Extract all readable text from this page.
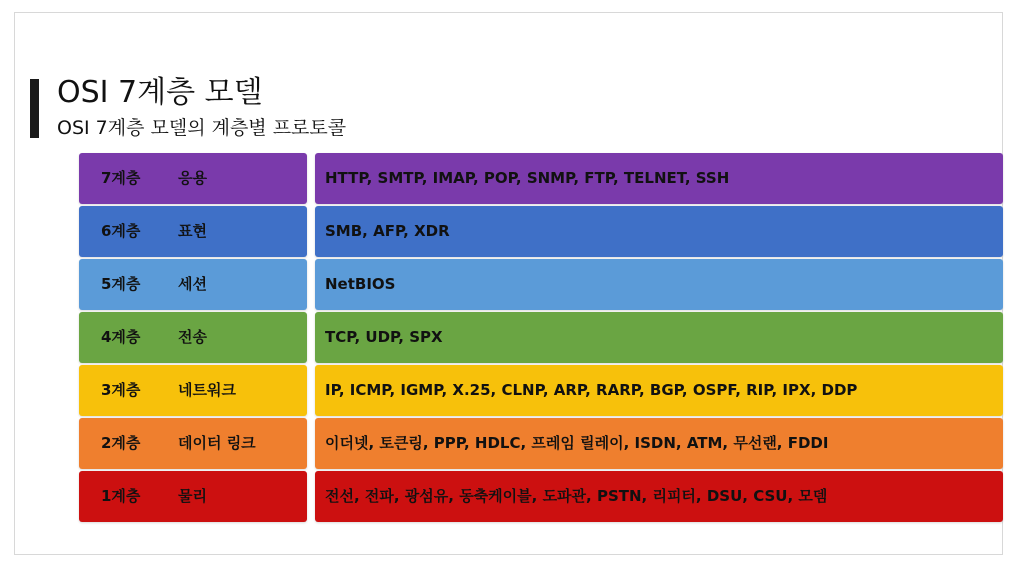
OSI 7계층 모델
OSI 7계층 모델의 계층별 프로토콜
7계층	응용	HTTP, SMTP, IMAP, POP, SNMP, FTP, TELNET, SSH
6계층	표현	SMB, AFP, XDR
5계층	세션	NetBIOS
4계층	전송	TCP, UDP, SPX
3계층	네트워크	IP, ICMP, IGMP, X.25, CLNP, ARP, RARP, BGP, OSPF, RIP, IPX, DDP
2계층	데이터 링크	이더넷, 토큰링, PPP, HDLC, 프레임 릴레이, ISDN, ATM, 무선랜, FDDI
1계층	물리	전선, 전파, 광섬유, 동축케이블, 도파관, PSTN, 리피터, DSU, CSU, 모뎀
